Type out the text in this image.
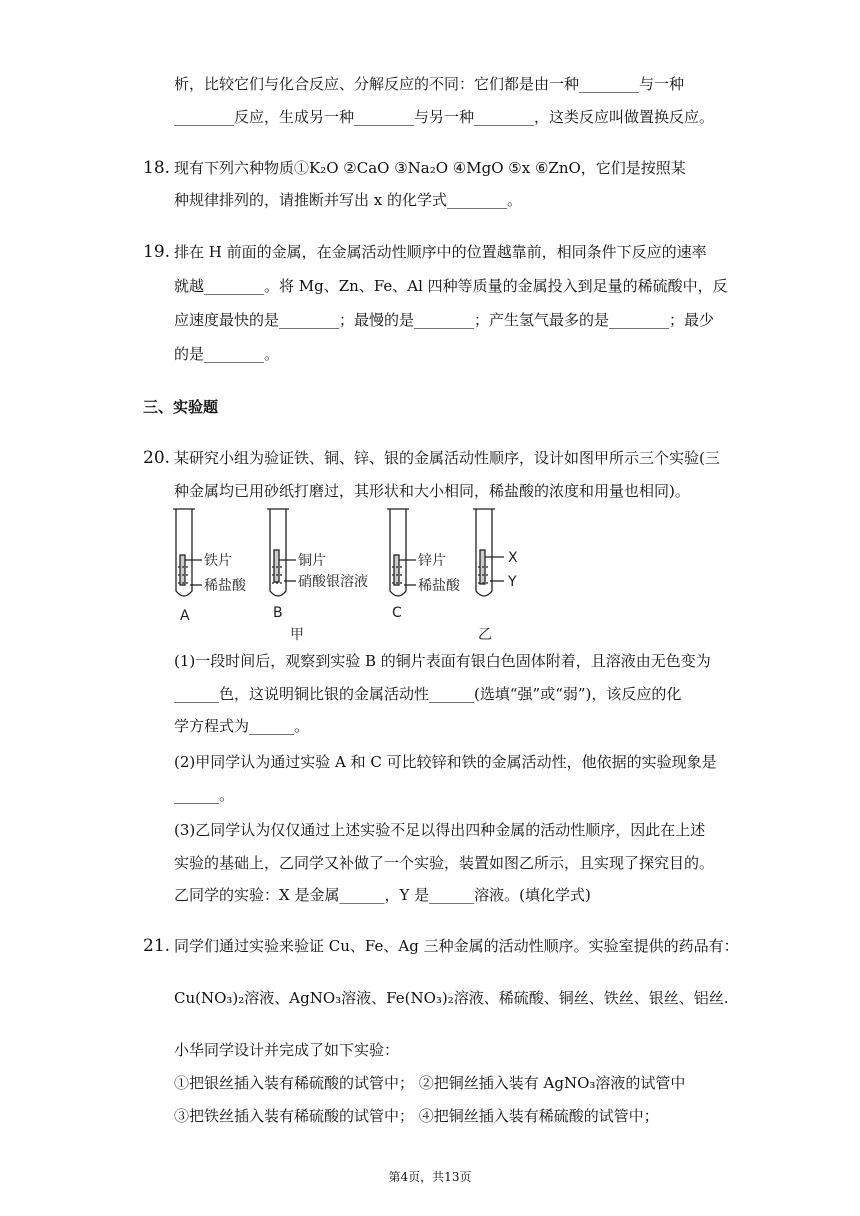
析，比较它们与化合反应、分解反应的不同：它们都是由一种________与一种
________反应，生成另一种________与另一种________，这类反应叫做置换反应。
18. 现有下列六种物质①K₂O ②CaO ③Na₂O ④MgO ⑤x ⑥ZnO，它们是按照某
种规律排列的，请推断并写出 x 的化学式________。
19. 排在 H 前面的金属，在金属活动性顺序中的位置越靠前，相同条件下反应的速率
就越________。将 Mg、Zn、Fe、Al 四种等质量的金属投入到足量的稀硫酸中，反
应速度最快的是________；最慢的是________；产生氢气最多的是________；最少
的是________。
三、实验题
20. 某研究小组为验证铁、铜、锌、银的金属活动性顺序，设计如图甲所示三个实验(三
种金属均已用砂纸打磨过，其形状和大小相同，稀盐酸的浓度和用量也相同)。
铁片
稀盐酸
A
铜片
硝酸银溶液
B
锌片
稀盐酸
C
X
Y
甲	乙
(1)一段时间后，观察到实验 B 的铜片表面有银白色固体附着，且溶液由无色变为
______色，这说明铜比银的金属活动性______(选填“强”或“弱”)，该反应的化
学方程式为______。
(2)甲同学认为通过实验 A 和 C 可比较锌和铁的金属活动性，他依据的实验现象是
______。
(3)乙同学认为仅仅通过上述实验不足以得出四种金属的活动性顺序，因此在上述
实验的基础上，乙同学又补做了一个实验，装置如图乙所示，且实现了探究目的。
乙同学的实验：X 是金属______，Y 是______溶液。(填化学式)
21. 同学们通过实验来验证 Cu、Fe、Ag 三种金属的活动性顺序。实验室提供的药品有：
Cu(NO₃)₂溶液、AgNO₃溶液、Fe(NO₃)₂溶液、稀硫酸、铜丝、铁丝、银丝、铝丝.
小华同学设计并完成了如下实验：
①把银丝插入装有稀硫酸的试管中； ②把铜丝插入装有 AgNO₃溶液的试管中
③把铁丝插入装有稀硫酸的试管中； ④把铜丝插入装有稀硫酸的试管中；
第4页，共13页
